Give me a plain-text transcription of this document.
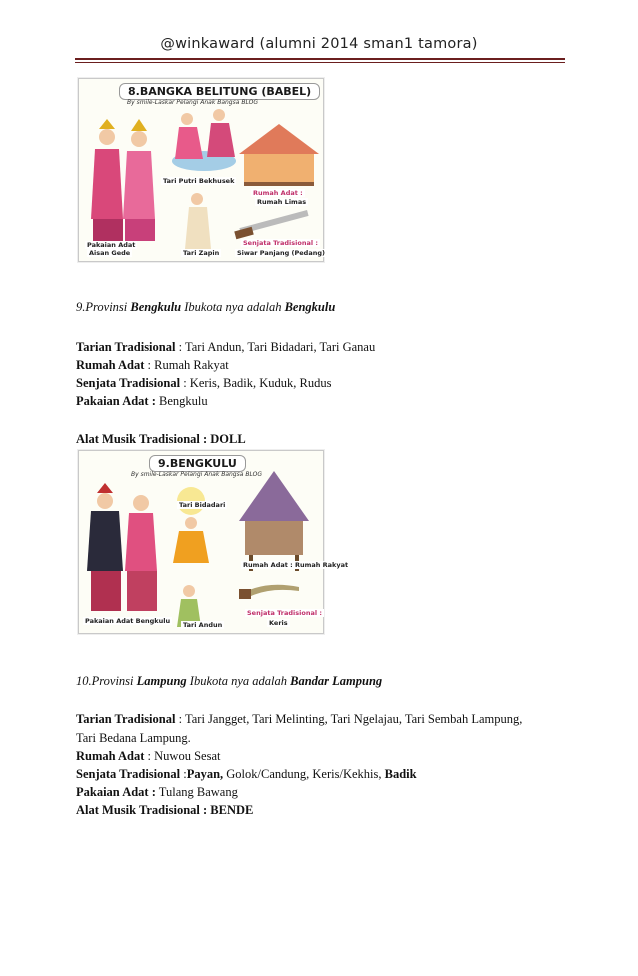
@winkaward (alumni 2014 sman1 tamora)
8.BANGKA BELITUNG (BABEL)
By smile-Laskar Pelangi Anak Bangsa BLOG
Tari Putri Bekhusek
Rumah Adat :
Rumah Limas
Pakaian Adat
Aisan Gede	Tari Zapin
Senjata Tradisional :
Siwar Panjang (Pedang)
9.Provinsi Bengkulu Ibukota nya adalah Bengkulu
Tarian Tradisional : Tari Andun, Tari Bidadari, Tari Ganau
Rumah Adat : Rumah Rakyat
Senjata Tradisional : Keris, Badik, Kuduk, Rudus
Pakaian Adat : Bengkulu
Alat Musik Tradisional : DOLL
9.BENGKULU
By smile-Laskar Pelangi Anak Bangsa BLOG
Tari Bidadari
Rumah Adat : Rumah Rakyat
Pakaian Adat Bengkulu	Tari Andun
Senjata Tradisional :
Keris
10.Provinsi Lampung Ibukota nya adalah Bandar Lampung
Tarian Tradisional : Tari Jangget, Tari Melinting, Tari Ngelajau, Tari Sembah Lampung,
Tari Bedana Lampung.
Rumah Adat : Nuwou Sesat
Senjata Tradisional :Payan, Golok/Candung, Keris/Kekhis, Badik
Pakaian Adat : Tulang Bawang
Alat Musik Tradisional : BENDE
